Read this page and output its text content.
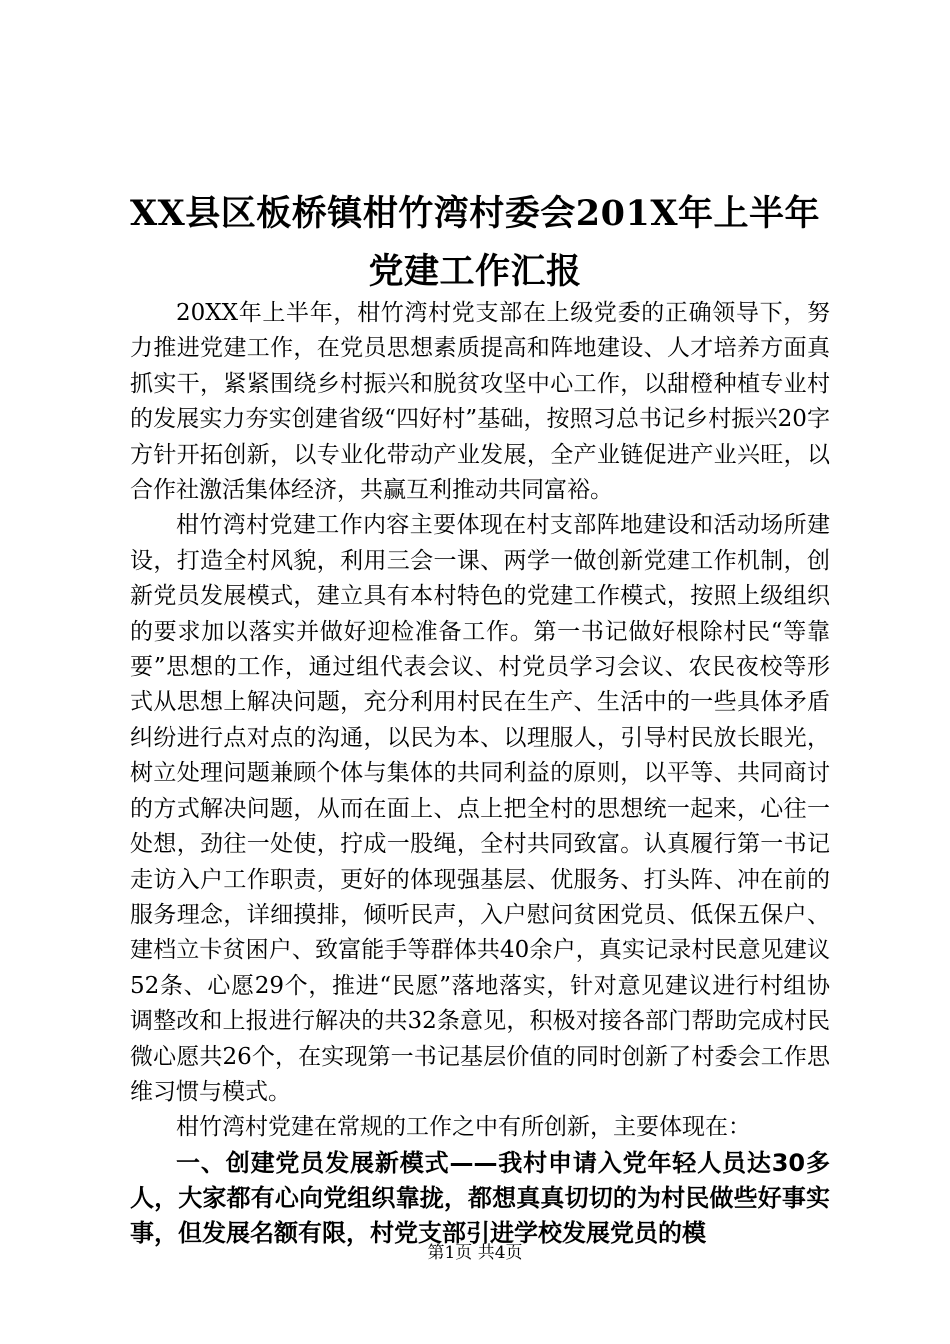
XX县区板桥镇柑竹湾村委会201X年上半年党建工作汇报

20XX年上半年，柑竹湾村党支部在上级党委的正确领导下，努力推进党建工作，在党员思想素质提高和阵地建设、人才培养方面真抓实干，紧紧围绕乡村振兴和脱贫攻坚中心工作，以甜橙种植专业村的发展实力夯实创建省级“四好村”基础，按照习总书记乡村振兴20字方针开拓创新，以专业化带动产业发展，全产业链促进产业兴旺，以合作社激活集体经济，共赢互利推动共同富裕。

柑竹湾村党建工作内容主要体现在村支部阵地建设和活动场所建设，打造全村风貌，利用三会一课、两学一做创新党建工作机制，创新党员发展模式，建立具有本村特色的党建工作模式，按照上级组织的要求加以落实并做好迎检准备工作。第一书记做好根除村民“等靠要”思想的工作，通过组代表会议、村党员学习会议、农民夜校等形式从思想上解决问题，充分利用村民在生产、生活中的一些具体矛盾纠纷进行点对点的沟通，以民为本、以理服人，引导村民放长眼光，树立处理问题兼顾个体与集体的共同利益的原则，以平等、共同商讨的方式解决问题，从而在面上、点上把全村的思想统一起来，心往一处想，劲往一处使，拧成一股绳，全村共同致富。认真履行第一书记走访入户工作职责，更好的体现强基层、优服务、打头阵、冲在前的服务理念，详细摸排，倾听民声，入户慰问贫困党员、低保五保户、建档立卡贫困户、致富能手等群体共40余户，真实记录村民意见建议52条、心愿29个，推进“民愿”落地落实，针对意见建议进行村组协调整改和上报进行解决的共32条意见，积极对接各部门帮助完成村民微心愿共26个，在实现第一书记基层价值的同时创新了村委会工作思维习惯与模式。

柑竹湾村党建在常规的工作之中有所创新，主要体现在：

一、创建党员发展新模式——我村申请入党年轻人员达30多人，大家都有心向党组织靠拢，都想真真切切的为村民做些好事实事，但发展名额有限，村党支部引进学校发展党员的模

第1页 共4页
